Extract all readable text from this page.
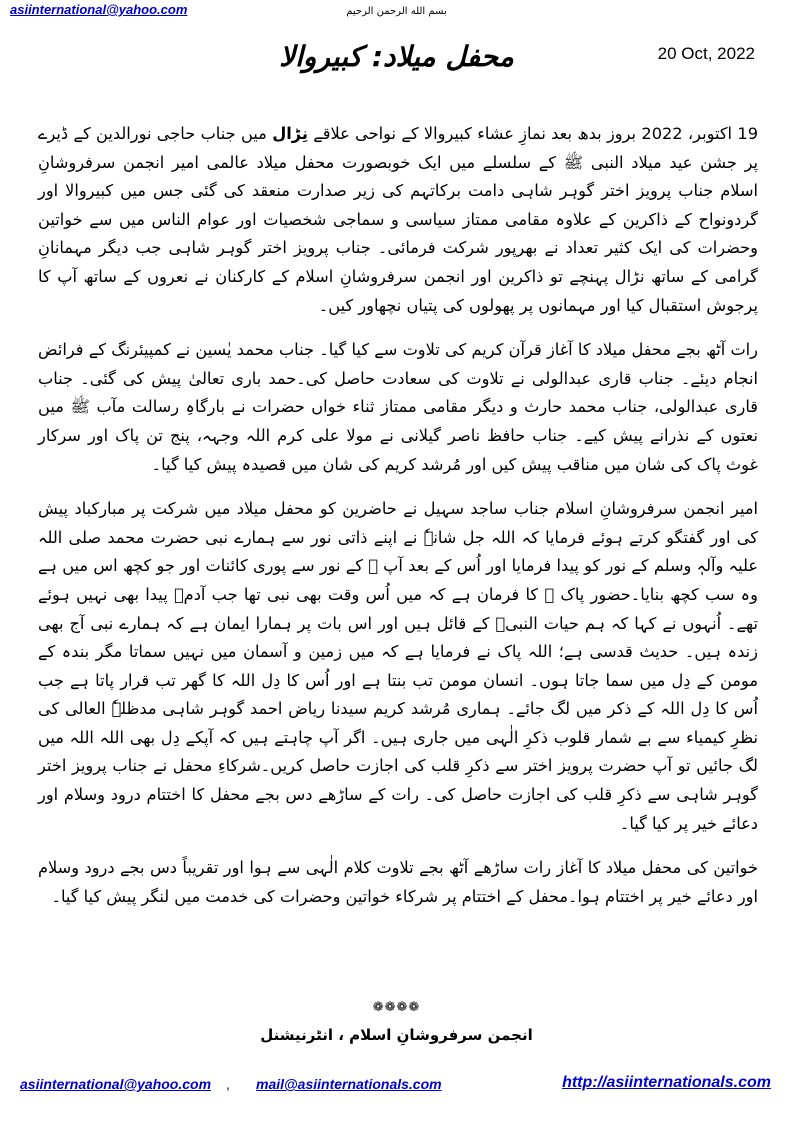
asiinternational@yahoo.com	بسم الله الرحمن الرحیم
20 Oct, 2022
محفل میلاد: کبیروالا

19 اکتوبر، 2022 بروز بدھ بعد نمازِ عشاء کبیروالا کے نواحی علاقے نِڑال میں جناب حاجی نورالدین کے ڈیرے پر جشن عید میلاد النبی ﷺ کے سلسلے میں ایک خوبصورت محفل میلاد عالمی امیر انجمن سرفروشانِ اسلام جناب پرویز اختر گوہر شاہی دامت برکاتہم کی زیر صدارت منعقد کی گئی جس میں کبیروالا اور گردونواح کے ذاکرین کے علاوہ مقامی ممتاز سیاسی و سماجی شخصیات اور عوام الناس میں سے خواتین وحضرات کی ایک کثیر تعداد نے بھرپور شرکت فرمائی۔ جناب پرویز اختر گوہر شاہی جب دیگر مہمانانِ گرامی کے ساتھ نڑال پہنچے تو ذاکرین اور انجمن سرفروشانِ اسلام کے کارکنان نے نعروں کے ساتھ آپ کا پرجوش استقبال کیا اور مہمانوں پر پھولوں کی پتیاں نچھاور کیں۔

رات آٹھ بجے محفل میلاد کا آغاز قرآن کریم کی تلاوت سے کیا گیا۔ جناب محمد یٰسین نے کمپیئرنگ کے فرائض انجام دیئے۔ جناب قاری عبدالولی نے تلاوت کی سعادت حاصل کی۔حمد باری تعالیٰ پیش کی گئی۔ جناب قاری عبدالولی، جناب محمد حارث و دیگر مقامی ممتاز ثناء خواں حضرات نے بارگاہِ رسالت مآب ﷺ میں نعتوں کے نذرانے پیش کیے۔ جناب حافظ ناصر گیلانی نے مولا علی کرم اللہ وجہہ، پنج تن پاک اور سرکار غوث پاک کی شان میں مناقب پیش کیں اور مُرشد کریم کی شان میں قصیدہ پیش کیا گیا۔

امیر انجمن سرفروشانِ اسلام جناب ساجد سہیل نے حاضرین کو محفل میلاد میں شرکت پر مبارکباد پیش کی اور گفتگو کرتے ہوئے فرمایا کہ اللہ جل شانہٗ نے اپنے ذاتی نور سے ہمارے نبی حضرت محمد صلی اللہ علیہ وآلہٖ وسلم کے نور کو پیدا فرمایا اور اُس کے بعد آپ ﷺ کے نور سے پوری کائنات اور جو کچھ اس میں ہے وہ سب کچھ بنایا۔حضور پاک ﷺ کا فرمان ہے کہ میں اُس وقت بھی نبی تھا جب آدمؑ پیدا بھی نہیں ہوئے تھے۔ اُنہوں نے کہا کہ ہم حیات النبیؐ کے قائل ہیں اور اس بات پر ہمارا ایمان ہے کہ ہمارے نبی آج بھی زندہ ہیں۔ حدیث قدسی ہے؛ اللہ پاک نے فرمایا ہے کہ میں زمین و آسمان میں نہیں سماتا مگر بندہ کے مومن کے دِل میں سما جاتا ہوں۔ انسان مومن تب بنتا ہے اور اُس کا دِل اللہ کا گھر تب قرار پاتا ہے جب اُس کا دِل اللہ کے ذکر میں لگ جائے۔ ہماری مُرشد کریم سیدنا ریاض احمد گوہر شاہی مدظلہٗ العالی کی نظرِ کیمیاء سے بے شمار قلوب ذکرِ الٰہی میں جاری ہیں۔ اگر آپ چاہتے ہیں کہ آپکے دِل بھی اللہ اللہ میں لگ جائیں تو آپ حضرت پرویز اختر سے ذکرِ قلب کی اجازت حاصل کریں۔شرکاءِ محفل نے جناب پرویز اختر گوہر شاہی سے ذکرِ قلب کی اجازت حاصل کی۔ رات کے ساڑھے دس بجے محفل کا اختتام درود وسلام اور دعائے خیر پر کیا گیا۔

خواتین کی محفل میلاد کا آغاز رات ساڑھے آٹھ بجے تلاوت کلام الٰہی سے ہوا اور تقریباً دس بجے درود وسلام اور دعائے خیر پر اختتام ہوا۔محفل کے اختتام پر شرکاء خواتین وحضرات کی خدمت میں لنگر پیش کیا گیا۔

❁❁❁❁
انجمن سرفروشانِ اسلام ، انٹرنیشنل
asiinternational@yahoo.com , mail@asiinternationals.com	http://asiinternationals.com
